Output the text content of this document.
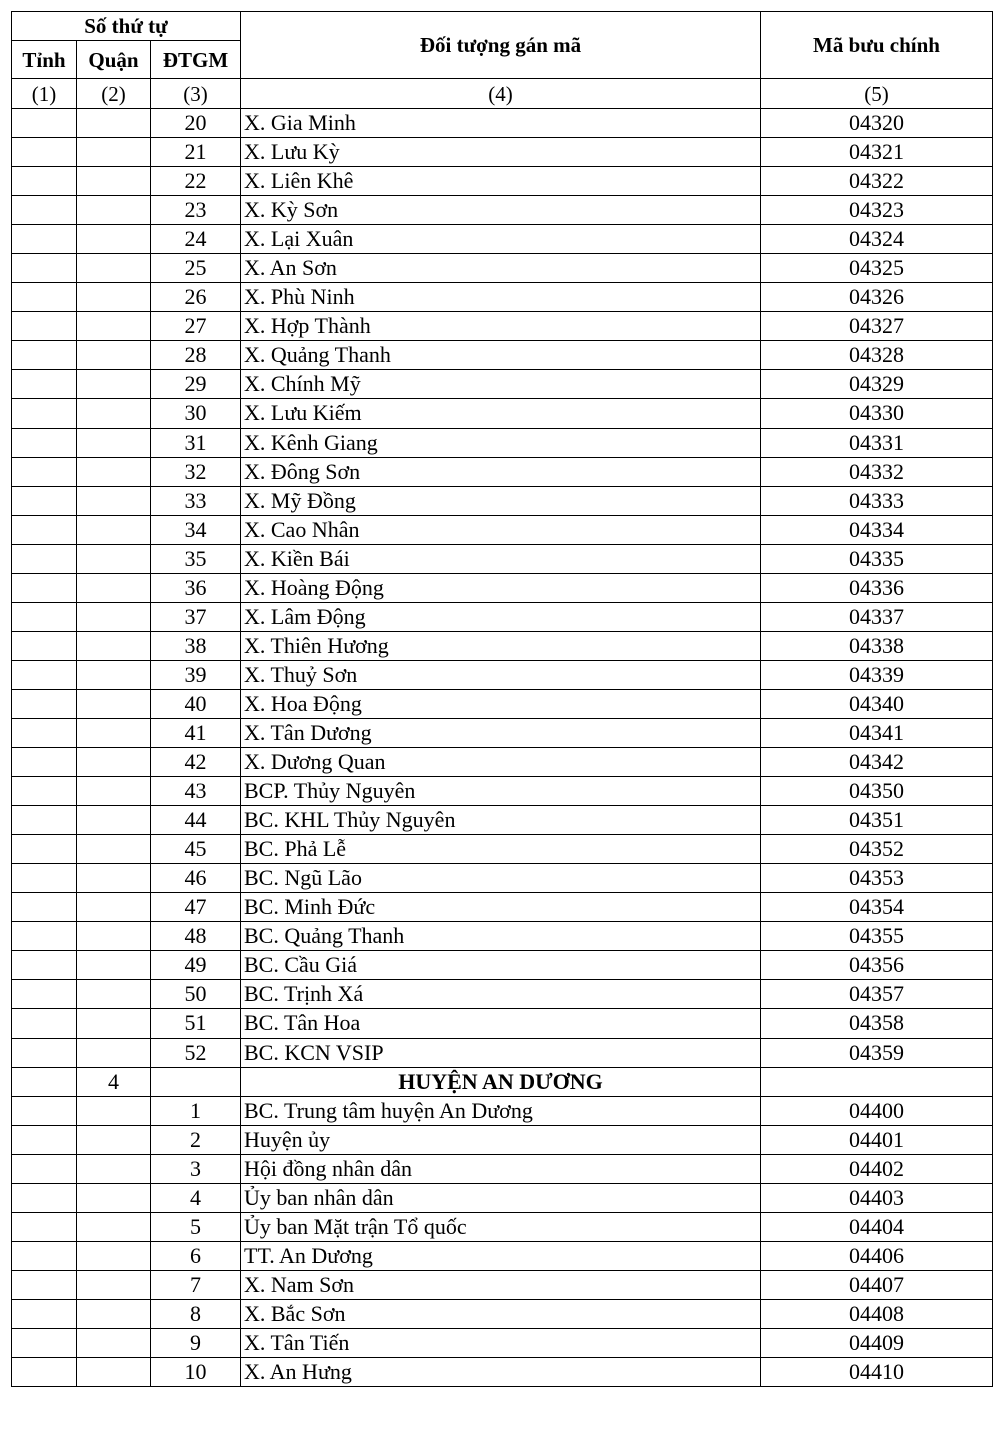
Số thứ tự			Đối tượng gán mã	Mã bưu chính
Tỉnh	Quận	ĐTGM		
(1)	(2)	(3)	(4)	(5)
		20	X. Gia Minh	04320
		21	X. Lưu Kỳ	04321
		22	X. Liên Khê	04322
		23	X. Kỳ Sơn	04323
		24	X. Lại Xuân	04324
		25	X. An Sơn	04325
		26	X. Phù Ninh	04326
		27	X. Hợp Thành	04327
		28	X. Quảng Thanh	04328
		29	X. Chính Mỹ	04329
		30	X. Lưu Kiếm	04330
		31	X. Kênh Giang	04331
		32	X. Đông Sơn	04332
		33	X. Mỹ Đồng	04333
		34	X. Cao Nhân	04334
		35	X. Kiền Bái	04335
		36	X. Hoàng Động	04336
		37	X. Lâm Động	04337
		38	X. Thiên Hương	04338
		39	X. Thuỷ Sơn	04339
		40	X. Hoa Động	04340
		41	X. Tân Dương	04341
		42	X. Dương Quan	04342
		43	BCP. Thủy Nguyên	04350
		44	BC. KHL Thủy Nguyên	04351
		45	BC. Phả Lễ	04352
		46	BC. Ngũ Lão	04353
		47	BC. Minh Đức	04354
		48	BC. Quảng Thanh	04355
		49	BC. Cầu Giá	04356
		50	BC. Trịnh Xá	04357
		51	BC. Tân Hoa	04358
		52	BC. KCN VSIP	04359
	4		HUYỆN AN DƯƠNG	
		1	BC. Trung tâm huyện An Dương	04400
		2	Huyện ủy	04401
		3	Hội đồng nhân dân	04402
		4	Ủy ban nhân dân	04403
		5	Ủy ban Mặt trận Tổ quốc	04404
		6	TT. An Dương	04406
		7	X. Nam Sơn	04407
		8	X. Bắc Sơn	04408
		9	X. Tân Tiến	04409
		10	X. An Hưng	04410
